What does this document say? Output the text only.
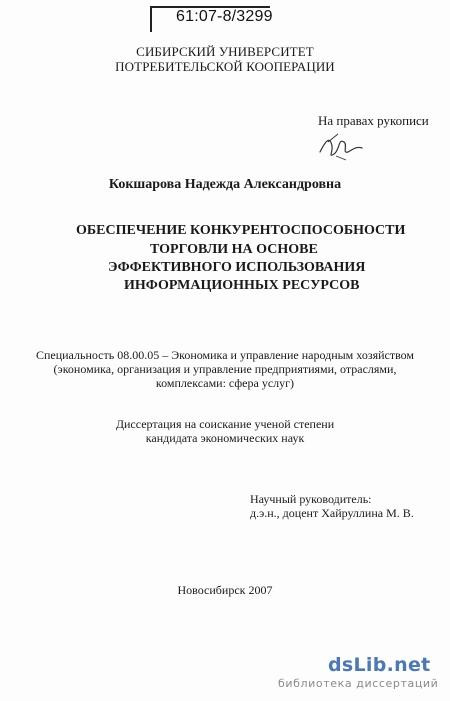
61:07-8/3299
СИБИРСКИЙ УНИВЕРСИТЕТ
ПОТРЕБИТЕЛЬСКОЙ КООПЕРАЦИИ
На правах рукописи
Кокшарова Надежда Александровна
ОБЕСПЕЧЕНИЕ КОНКУРЕНТОСПОСОБНОСТИ
ТОРГОВЛИ НА ОСНОВЕ
ЭФФЕКТИВНОГО ИСПОЛЬЗОВАНИЯ
ИНФОРМАЦИОННЫХ РЕСУРСОВ
Специальность 08.00.05 – Экономика и управление народным хозяйством
(экономика, организация и управление предприятиями, отраслями,
комплексами: сфера услуг)
Диссертация на соискание ученой степени
кандидата экономических наук
Научный руководитель:
д.э.н., доцент Хайруллина М. В.
Новосибирск 2007
dsLib.net
библиотека диссертаций
